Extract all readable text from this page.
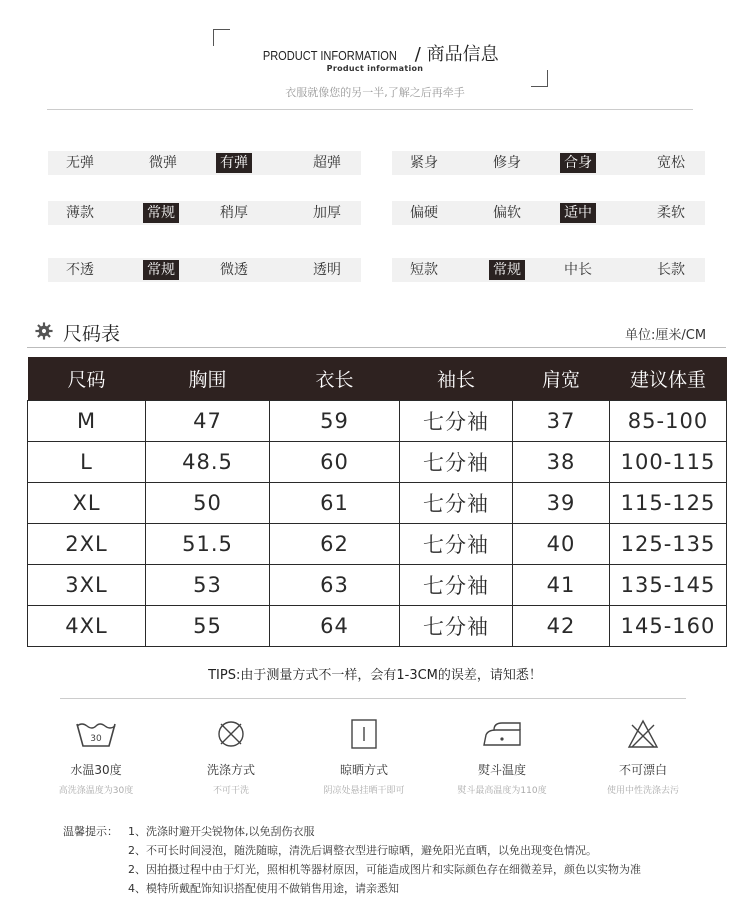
PRODUCT INFORMATION / 商品信息
Product information
衣服就像您的另一半,了解之后再牵手
无弹	微弹	有弹	超弹	紧身	修身	合身	宽松
薄款	常规	稍厚	加厚	偏硬	偏软	适中	柔软
不透	常规	微透	透明	短款	常规	中长	长款
尺码表	单位:厘米/CM
尺码	胸围	衣长	袖长	肩宽	建议体重
M	47	59	七分袖	37	85-100
L	48.5	60	七分袖	38	100-115
XL	50	61	七分袖	39	115-125
2XL	51.5	62	七分袖	40	125-135
3XL	53	63	七分袖	41	135-145
4XL	55	64	七分袖	42	145-160
TIPS:由于测量方式不一样，会有1-3CM的误差，请知悉！
30
水温30度
高洗涤温度为30度
洗涤方式
不可干洗
晾晒方式
阴凉处悬挂晒干即可
熨斗温度
熨斗最高温度为110度
不可漂白
使用中性洗涤去污
温馨提示： 1、洗涤时避开尖锐物体,以免刮伤衣服
2、不可长时间浸泡，随洗随晾，清洗后调整衣型进行晾晒，避免阳光直晒，以免出现变色情况。
2、因拍摄过程中由于灯光，照相机等器材原因，可能造成图片和实际颜色存在细微差异，颜色以实物为准
4、模特所戴配饰知识搭配使用不做销售用途，请亲悉知
